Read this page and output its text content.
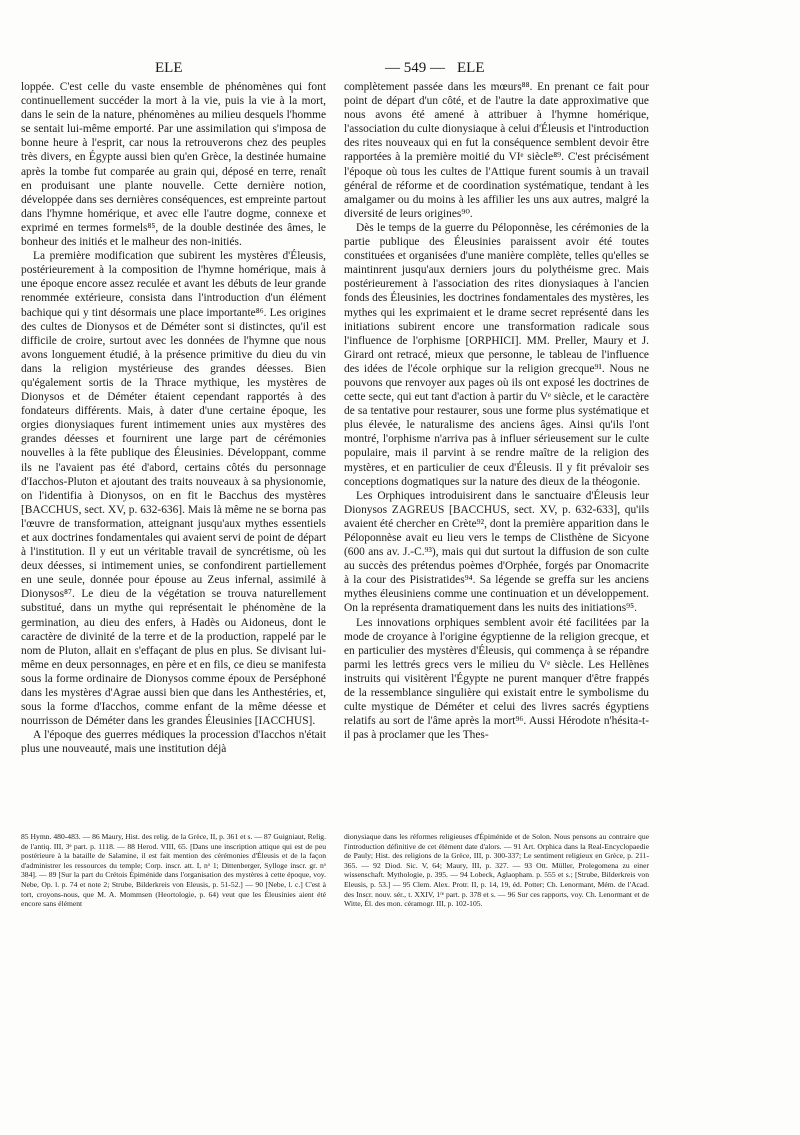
ELE	— 549 — ELE

loppée. C'est celle du vaste ensemble de phénomènes qui font continuellement succéder la mort à la vie, puis la vie à la mort, dans le sein de la nature, phénomènes au milieu desquels l'homme se sentait lui-même emporté. Par une assimilation qui s'imposa de bonne heure à l'esprit, car nous la retrouverons chez des peuples très divers, en Égypte aussi bien qu'en Grèce, la destinée humaine après la tombe fut comparée au grain qui, déposé en terre, renaît en produisant une plante nouvelle. Cette dernière notion, développée dans ses dernières conséquences, est empreinte partout dans l'hymne homérique, et avec elle l'autre dogme, connexe et exprimé en termes formels⁸⁵, de la double destinée des âmes, le bonheur des initiés et le malheur des non-initiés.

La première modification que subirent les mystères d'Éleusis, postérieurement à la composition de l'hymne homérique, mais à une époque encore assez reculée et avant les débuts de leur grande renommée extérieure, consista dans l'introduction d'un élément bachique qui y tint désormais une place importante⁸⁶. Les origines des cultes de Dionysos et de Déméter sont si distinctes, qu'il est difficile de croire, surtout avec les données de l'hymne que nous avons longuement étudié, à la présence primitive du dieu du vin dans la religion mystérieuse des grandes déesses. Bien qu'également sortis de la Thrace mythique, les mystères de Dionysos et de Déméter étaient cependant rapportés à des fondateurs différents. Mais, à dater d'une certaine époque, les orgies dionysiaques furent intimement unies aux mystères des grandes déesses et fournirent une large part de cérémonies nouvelles à la fête publique des Éleusinies. Développant, comme ils ne l'avaient pas été d'abord, certains côtés du personnage d'Iacchos-Pluton et ajoutant des traits nouveaux à sa physionomie, on l'identifia à Dionysos, on en fit le Bacchus des mystères [BACCHUS, sect. XV, p. 632-636]. Mais là même ne se borna pas l'œuvre de transformation, atteignant jusqu'aux mythes essentiels et aux doctrines fondamentales qui avaient servi de point de départ à l'institution. Il y eut un véritable travail de syncrétisme, où les deux déesses, si intimement unies, se confondirent partiellement en une seule, donnée pour épouse au Zeus infernal, assimilé à Dionysos⁸⁷. Le dieu de la végétation se trouva naturellement substitué, dans un mythe qui représentait le phénomène de la germination, au dieu des enfers, à Hadès ou Aidoneus, dont le caractère de divinité de la terre et de la production, rappelé par le nom de Pluton, allait en s'effaçant de plus en plus. Se divisant lui-même en deux personnages, en père et en fils, ce dieu se manifesta sous la forme ordinaire de Dionysos comme époux de Perséphoné dans les mystères d'Agrae aussi bien que dans les Anthestéries, et, sous la forme d'Iacchos, comme enfant de la même déesse et nourrisson de Déméter dans les grandes Éleusinies [IACCHUS].

A l'époque des guerres médiques la procession d'Iacchos n'était plus une nouveauté, mais une institution déjà

complètement passée dans les mœurs⁸⁸. En prenant ce fait pour point de départ d'un côté, et de l'autre la date approximative que nous avons été amené à attribuer à l'hymne homérique, l'association du culte dionysiaque à celui d'Éleusis et l'introduction des rites nouveaux qui en fut la conséquence semblent devoir être rapportées à la première moitié du VIᵉ siècle⁸⁹. C'est précisément l'époque où tous les cultes de l'Attique furent soumis à un travail général de réforme et de coordination systématique, tendant à les amalgamer ou du moins à les affilier les uns aux autres, malgré la diversité de leurs origines⁹⁰.

Dès le temps de la guerre du Péloponnèse, les cérémonies de la partie publique des Éleusinies paraissent avoir été toutes constituées et organisées d'une manière complète, telles qu'elles se maintinrent jusqu'aux derniers jours du polythéisme grec. Mais postérieurement à l'association des rites dionysiaques à l'ancien fonds des Éleusinies, les doctrines fondamentales des mystères, les mythes qui les exprimaient et le drame secret représenté dans les initiations subirent encore une transformation radicale sous l'influence de l'orphisme [ORPHICI]. MM. Preller, Maury et J. Girard ont retracé, mieux que personne, le tableau de l'influence des idées de l'école orphique sur la religion grecque⁹¹. Nous ne pouvons que renvoyer aux pages où ils ont exposé les doctrines de cette secte, qui eut tant d'action à partir du Vᵉ siècle, et le caractère de sa tentative pour restaurer, sous une forme plus systématique et plus élevée, le naturalisme des anciens âges. Ainsi qu'ils l'ont montré, l'orphisme n'arriva pas à influer sérieusement sur le culte populaire, mais il parvint à se rendre maître de la religion des mystères, et en particulier de ceux d'Éleusis. Il y fit prévaloir ses conceptions dogmatiques sur la nature des dieux de la théogonie.

Les Orphiques introduisirent dans le sanctuaire d'Éleusis leur Dionysos ZAGREUS [BACCHUS, sect. XV, p. 632-633], qu'ils avaient été chercher en Crète⁹², dont la première apparition dans le Péloponnèse avait eu lieu vers le temps de Clisthène de Sicyone (600 ans av. J.-C.⁹³), mais qui dut surtout la diffusion de son culte au succès des prétendus poèmes d'Orphée, forgés par Onomacrite à la cour des Pisistratides⁹⁴. Sa légende se greffa sur les anciens mythes éleusiniens comme une continuation et un développement. On la représenta dramatiquement dans les nuits des initiations⁹⁵.

Les innovations orphiques semblent avoir été facilitées par la mode de croyance à l'origine égyptienne de la religion grecque, et en particulier des mystères d'Éleusis, qui commença à se répandre parmi les lettrés grecs vers le milieu du Vᵉ siècle. Les Hellènes instruits qui visitèrent l'Égypte ne purent manquer d'être frappés de la ressemblance singulière qui existait entre le symbolisme du culte mystique de Déméter et celui des livres sacrés égyptiens relatifs au sort de l'âme après la mort⁹⁶. Aussi Hérodote n'hésita-t-il pas à proclamer que les Thes-

85 Hymn. 480-483. — 86 Maury, Hist. des relig. de la Grèce, II, p. 361 et s. — 87 Guigniaut, Relig. de l'antiq. III, 3ᵉ part. p. 1118. — 88 Herod. VIII, 65. [Dans une inscription attique qui est de peu postérieure à la bataille de Salamine, il est fait mention des cérémonies d'Éleusis et de la façon d'administrer les ressources du temple; Corp. inscr. att. I, nᵒ 1; Dittenberger, Sylloge inscr. gr. nᵒ 384]. — 89 [Sur la part du Crétois Épiménide dans l'organisation des mystères à cette époque, voy. Nebe, Op. l. p. 74 et note 2; Strube, Bilderkreis von Eleusis, p. 51-52.] — 90 [Nebe, l. c.] C'est à tort, croyons-nous, que M. A. Mommsen (Heortologie, p. 64) veut que les Éleusinies aient été encore sans élément

dionysiaque dans les réformes religieuses d'Épiménide et de Solon. Nous pensons au contraire que l'introduction définitive de cet élément date d'alors. — 91 Art. Orphica dans la Real-Encyclopaedie de Pauly; Hist. des religions de la Grèce, III, p. 300-337; Le sentiment religieux en Grèce, p. 211-365. — 92 Diod. Sic. V, 64; Maury, III, p. 327. — 93 Ott. Müller, Prolegomena zu einer wissenschaft. Mythologie, p. 395. — 94 Lobeck, Aglaopham. p. 555 et s.; [Strube, Bilderkreis von Eleusis, p. 53.] — 95 Clem. Alex. Protr. II, p. 14, 19, éd. Potter; Ch. Lenormant, Mém. de l'Acad. des Inscr. nouv. sér., t. XXIV, 1ʳᵉ part. p. 378 et s. — 96 Sur ces rapports, voy. Ch. Lenormant et de Witte, Él. des mon. céramogr. III, p. 102-105.
